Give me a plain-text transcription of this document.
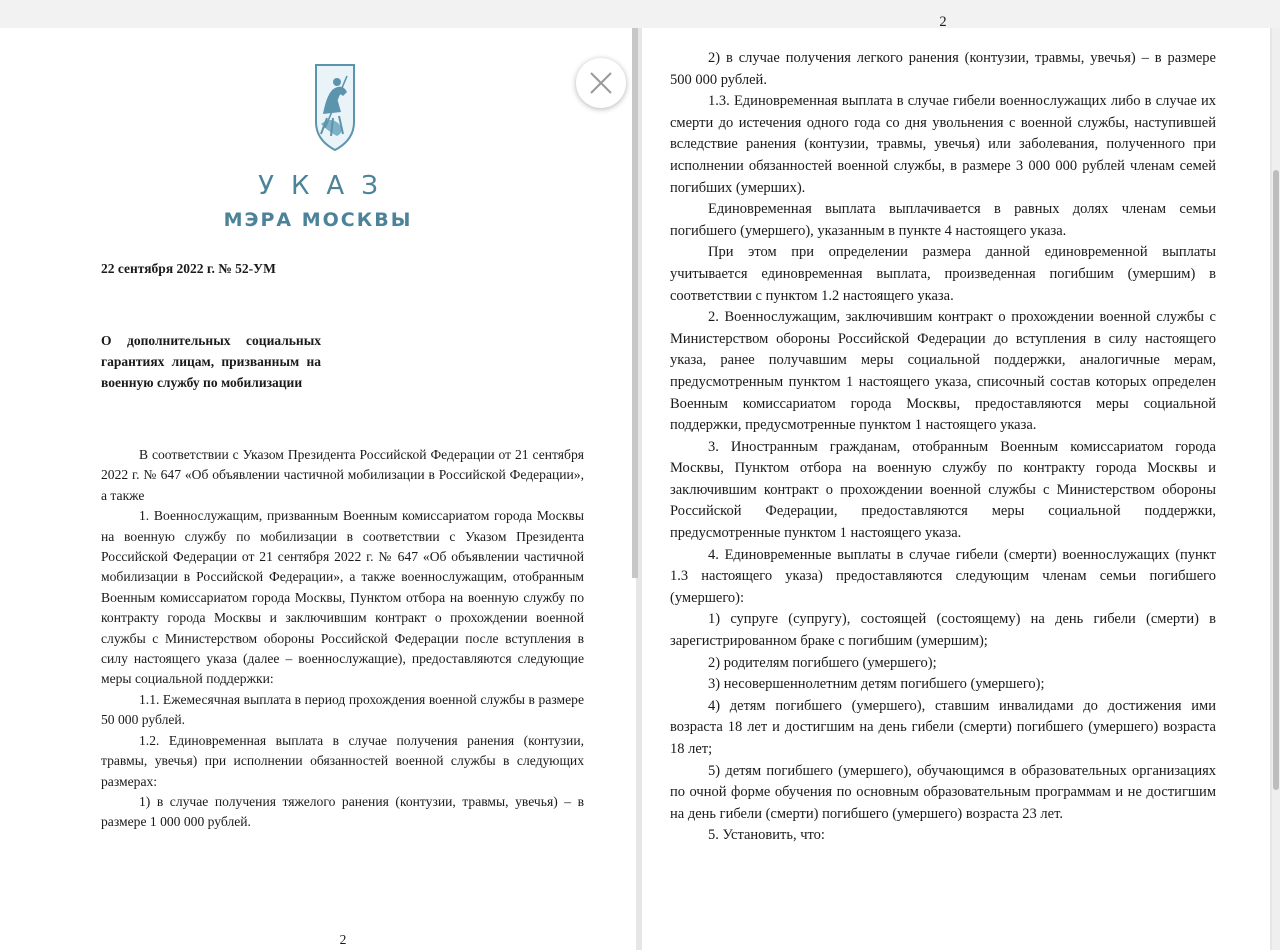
УКАЗ
МЭРА МОСКВЫ
22 сентября 2022 г. № 52-УМ
О дополнительных социальных гарантиях лицам, призванным на военную службу по мобилизации

В соответствии с Указом Президента Российской Федерации от 21 сентября 2022 г. № 647 «Об объявлении частичной мобилизации в Российской Федерации», а также

1. Военнослужащим, призванным Военным комиссариатом города Москвы на военную службу по мобилизации в соответствии с Указом Президента Российской Федерации от 21 сентября 2022 г. № 647 «Об объявлении частичной мобилизации в Российской Федерации», а также военнослужащим, отобранным Военным комиссариатом города Москвы, Пунктом отбора на военную службу по контракту города Москвы и заключившим контракт о прохождении военной службы с Министерством обороны Российской Федерации после вступления в силу настоящего указа (далее – военнослужащие), предоставляются следующие меры социальной поддержки:

1.1. Ежемесячная выплата в период прохождения военной службы в размере 50 000 рублей.

1.2. Единовременная выплата в случае получения ранения (контузии, травмы, увечья) при исполнении обязанностей военной службы в следующих размерах:

1) в случае получения тяжелого ранения (контузии, травмы, увечья) – в размере 1 000 000 рублей.

2
2

2) в случае получения легкого ранения (контузии, травмы, увечья) – в размере 500 000 рублей.

1.3. Единовременная выплата в случае гибели военнослужащих либо в случае их смерти до истечения одного года со дня увольнения с военной службы, наступившей вследствие ранения (контузии, травмы, увечья) или заболевания, полученного при исполнении обязанностей военной службы, в размере 3 000 000 рублей членам семей погибших (умерших).

Единовременная выплата выплачивается в равных долях членам семьи погибшего (умершего), указанным в пункте 4 настоящего указа.

При этом при определении размера данной единовременной выплаты учитывается единовременная выплата, произведенная погибшим (умершим) в соответствии с пунктом 1.2 настоящего указа.

2. Военнослужащим, заключившим контракт о прохождении военной службы с Министерством обороны Российской Федерации до вступления в силу настоящего указа, ранее получавшим меры социальной поддержки, аналогичные мерам, предусмотренным пунктом 1 настоящего указа, списочный состав которых определен Военным комиссариатом города Москвы, предоставляются меры социальной поддержки, предусмотренные пунктом 1 настоящего указа.

3. Иностранным гражданам, отобранным Военным комиссариатом города Москвы, Пунктом отбора на военную службу по контракту города Москвы и заключившим контракт о прохождении военной службы с Министерством обороны Российской Федерации, предоставляются меры социальной поддержки, предусмотренные пунктом 1 настоящего указа.

4. Единовременные выплаты в случае гибели (смерти) военнослужащих (пункт 1.3 настоящего указа) предоставляются следующим членам семьи погибшего (умершего):

1) супруге (супругу), состоящей (состоящему) на день гибели (смерти) в зарегистрированном браке с погибшим (умершим);

2) родителям погибшего (умершего);

3) несовершеннолетним детям погибшего (умершего);

4) детям погибшего (умершего), ставшим инвалидами до достижения ими возраста 18 лет и достигшим на день гибели (смерти) погибшего (умершего) возраста 18 лет;

5) детям погибшего (умершего), обучающимся в образовательных организациях по очной форме обучения по основным образовательным программам и не достигшим на день гибели (смерти) погибшего (умершего) возраста 23 лет.

5. Установить, что:
